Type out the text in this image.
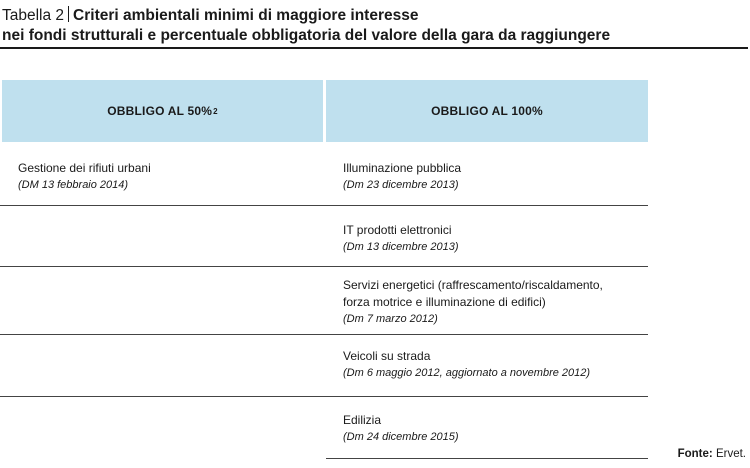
Tabella 2 Criteri ambientali minimi di maggiore interesse
nei fondi strutturali e percentuale obbligatoria del valore della gara da raggiungere
OBBLIGO AL 50% 2	OBBLIGO AL 100%
Gestione dei rifiuti urbani
(DM 13 febbraio 2014)
Illuminazione pubblica
(Dm 23 dicembre 2013)
IT prodotti elettronici
(Dm 13 dicembre 2013)
Servizi energetici (raffrescamento/riscaldamento,
forza motrice e illuminazione di edifici)
(Dm 7 marzo 2012)
Veicoli su strada
(Dm 6 maggio 2012, aggiornato a novembre 2012)
Edilizia
(Dm 24 dicembre 2015)
Fonte: Ervet.
